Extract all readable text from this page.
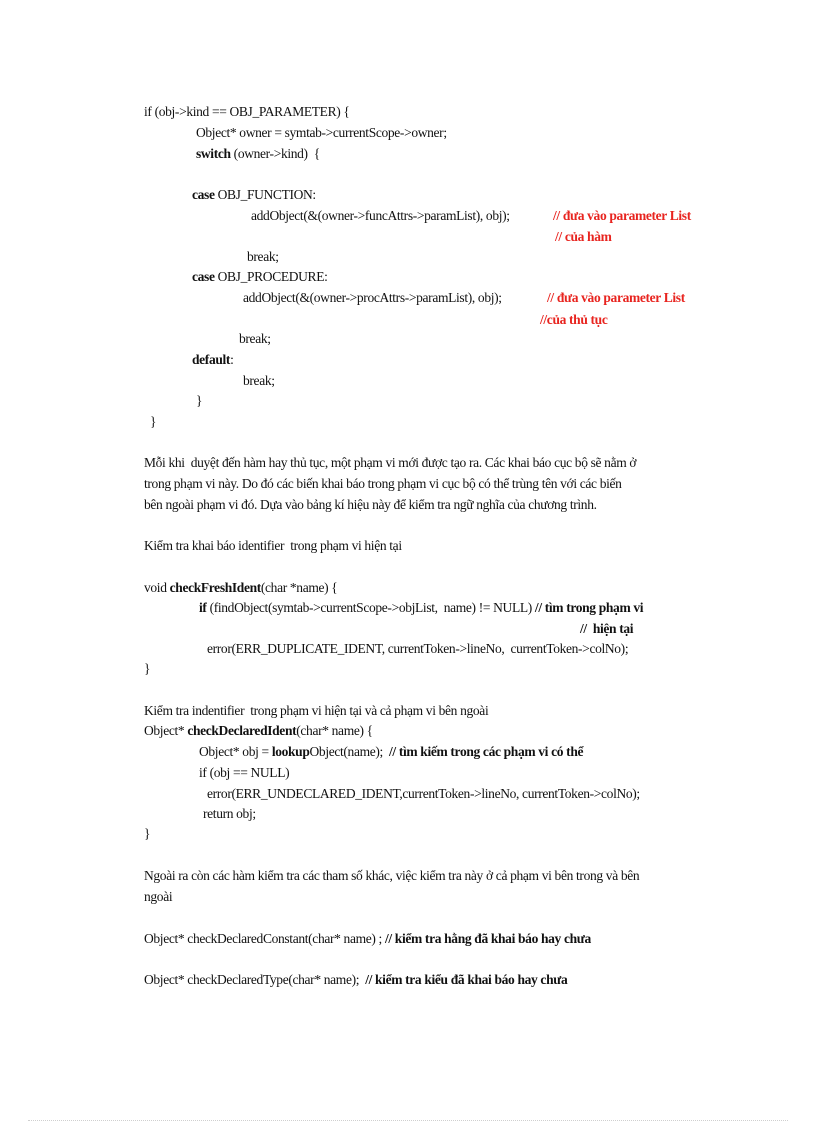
if (obj->kind == OBJ_PARAMETER) {
Object* owner = symtab->currentScope->owner;
switch (owner->kind)  {
case OBJ_FUNCTION:
addObject(&(owner->funcAttrs->paramList), obj);	// đưa vào parameter List
// của hàm
break;
case OBJ_PROCEDURE:
addObject(&(owner->procAttrs->paramList), obj);	// đưa vào parameter List
//của thủ tục
break;
default:
break;
}
}
Mỗi khi  duyệt đến hàm hay thủ tục, một phạm vi mới được tạo ra. Các khai báo cục bộ sẽ nằm ở
trong phạm vi này. Do đó các biến khai báo trong phạm vi cục bộ có thể trùng tên với các biến
bên ngoài phạm vi đó. Dựa vào bảng kí hiệu này để kiểm tra ngữ nghĩa của chương trình.
Kiểm tra khai báo identifier  trong phạm vi hiện tại
void checkFreshIdent(char *name) {
if (findObject(symtab->currentScope->objList,  name) != NULL) // tìm trong phạm vi
//  hiện tại
error(ERR_DUPLICATE_IDENT, currentToken->lineNo,  currentToken->colNo);
}
Kiểm tra indentifier  trong phạm vi hiện tại và cả phạm vi bên ngoài
Object* checkDeclaredIdent(char* name) {
Object* obj = lookupObject(name);  // tìm kiếm trong các phạm vi có thể
if (obj == NULL)
error(ERR_UNDECLARED_IDENT,currentToken->lineNo, currentToken->colNo);
return obj;
}
Ngoài ra còn các hàm kiểm tra các tham số khác, việc kiểm tra này ở cả phạm vi bên trong và bên
ngoài
Object* checkDeclaredConstant(char* name) ; // kiểm tra hằng đã khai báo hay chưa
Object* checkDeclaredType(char* name);  // kiểm tra kiểu đã khai báo hay chưa
